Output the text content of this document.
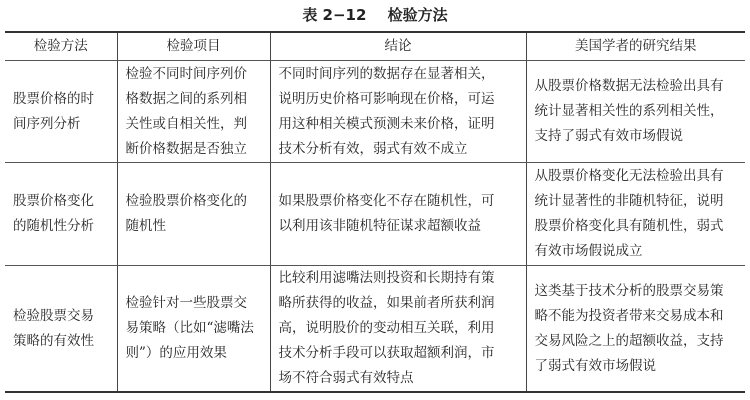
表 2−12 检验方法
检验方法	检验项目	结论	美国学者的研究结果

股票价格的时
间序列分析	检验不同时间序列价
格数据之间的系列相
关性或自相关性，判
断价格数据是否独立	不同时间序列的数据存在显著相关，
说明历史价格可影响现在价格，可运
用这种相关模式预测未来价格，证明
技术分析有效，弱式有效不成立	从股票价格数据无法检验出具有
统计显著相关性的系列相关性，
支持了弱式有效市场假说

股票价格变化
的随机性分析	检验股票价格变化的
随机性	如果股票价格变化不存在随机性，可
以利用该非随机特征谋求超额收益	从股票价格变化无法检验出具有
统计显著性的非随机特征，说明
股票价格变化具有随机性，弱式
有效市场假说成立

检验股票交易
策略的有效性	检验针对一些股票交
易策略（比如“滤嘴法
则”）的应用效果	比较利用滤嘴法则投资和长期持有策
略所获得的收益，如果前者所获利润
高，说明股价的变动相互关联，利用
技术分析手段可以获取超额利润，市
场不符合弱式有效特点	这类基于技术分析的股票交易策
略不能为投资者带来交易成本和
交易风险之上的超额收益，支持
了弱式有效市场假说
